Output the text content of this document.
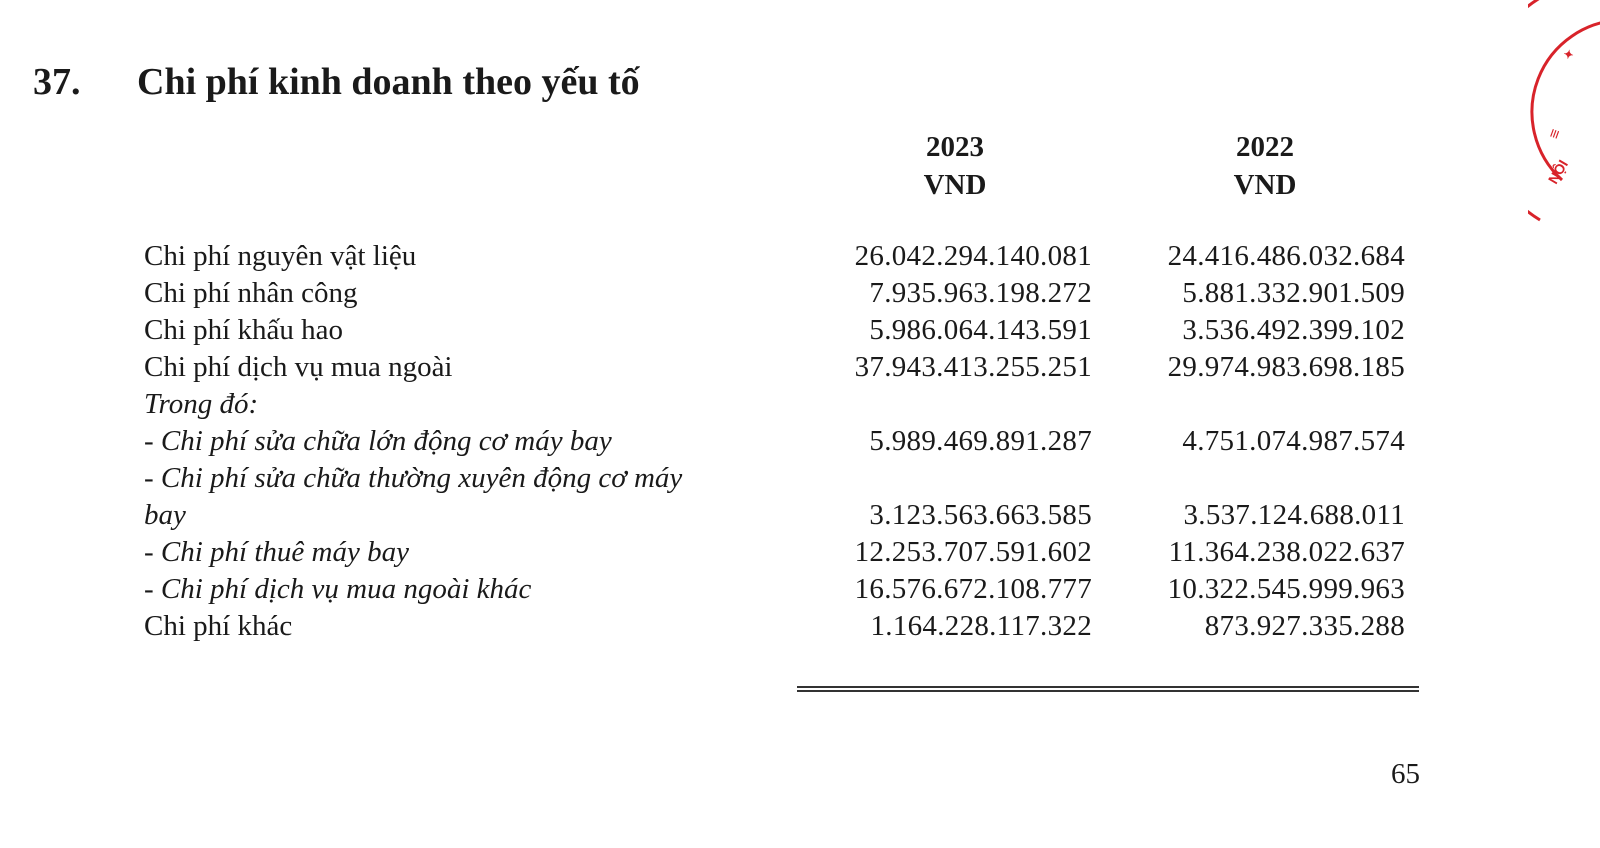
37. Chi phí kinh doanh theo yếu tố
2023
VND
2022
VND
Chi phí nguyên vật liệu	26.042.294.140.081	24.416.486.032.684
Chi phí nhân công	7.935.963.198.272	5.881.332.901.509
Chi phí khấu hao	5.986.064.143.591	3.536.492.399.102
Chi phí dịch vụ mua ngoài	37.943.413.255.251	29.974.983.698.185
Trong đó:
- Chi phí sửa chữa lớn động cơ máy bay	5.989.469.891.287	4.751.074.987.574
- Chi phí sửa chữa thường xuyên động cơ máy bay	3.123.563.663.585	3.537.124.688.011
- Chi phí thuê máy bay	12.253.707.591.602	11.364.238.022.637
- Chi phí dịch vụ mua ngoài khác	16.576.672.108.777	10.322.545.999.963
Chi phí khác	1.164.228.117.322	873.927.335.288
65
≡
NỘI
✦
